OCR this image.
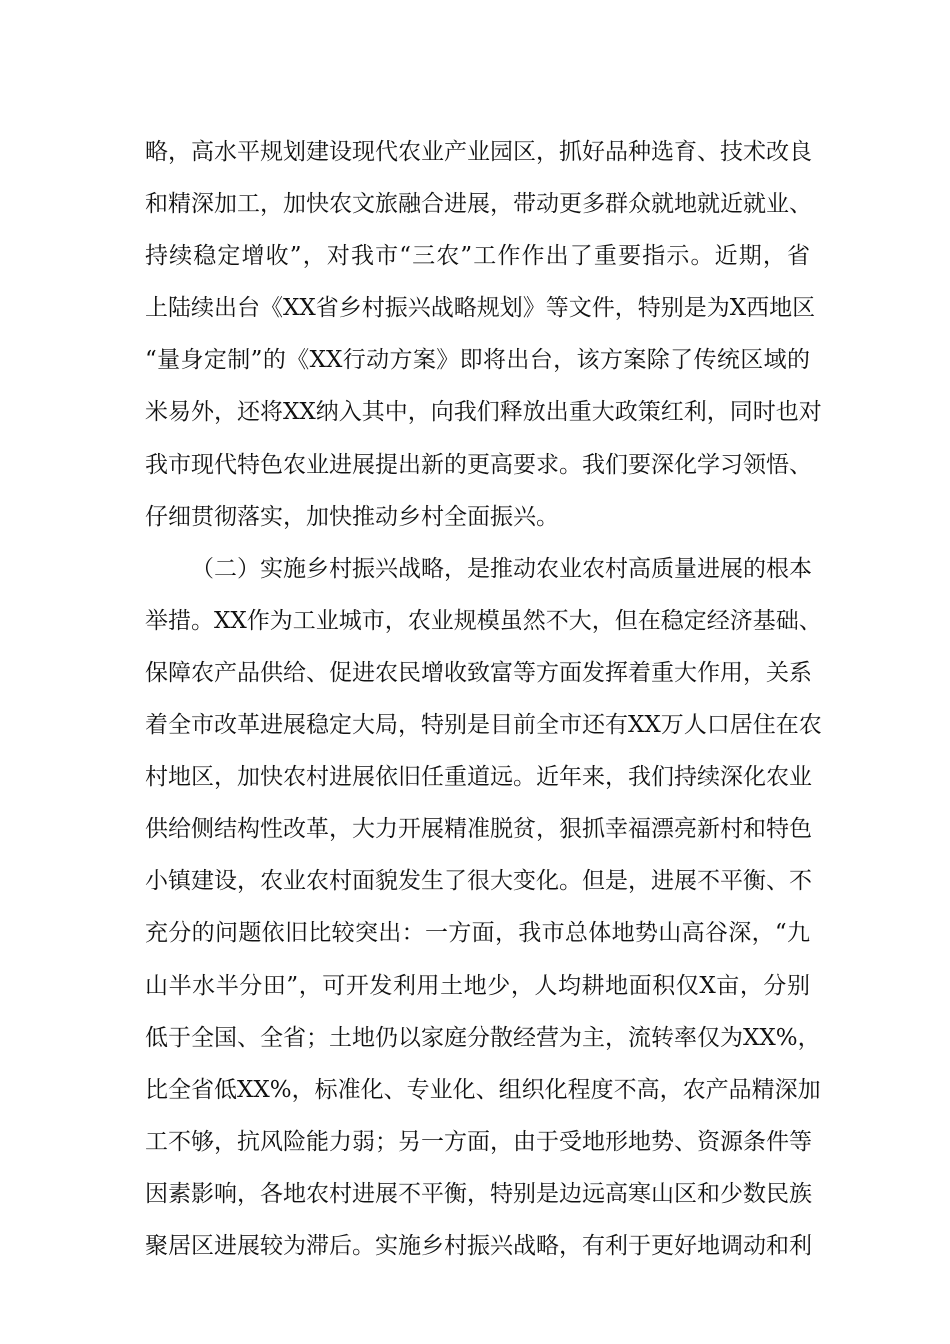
略，高水平规划建设现代农业产业园区，抓好品种选育、技术改良
和精深加工，加快农文旅融合进展，带动更多群众就地就近就业、
持续稳定增收”，对我市“三农”工作作出了重要指示。近期，省
上陆续出台《XX省乡村振兴战略规划》等文件，特别是为X西地区
“量身定制”的《XX行动方案》即将出台，该方案除了传统区域的
米易外，还将XX纳入其中，向我们释放出重大政策红利，同时也对
我市现代特色农业进展提出新的更高要求。我们要深化学习领悟、
仔细贯彻落实，加快推动乡村全面振兴。
（二）实施乡村振兴战略，是推动农业农村高质量进展的根本
举措。XX作为工业城市，农业规模虽然不大，但在稳定经济基础、
保障农产品供给、促进农民增收致富等方面发挥着重大作用，关系
着全市改革进展稳定大局，特别是目前全市还有XX万人口居住在农
村地区，加快农村进展依旧任重道远。近年来，我们持续深化农业
供给侧结构性改革，大力开展精准脱贫，狠抓幸福漂亮新村和特色
小镇建设，农业农村面貌发生了很大变化。但是，进展不平衡、不
充分的问题依旧比较突出：一方面，我市总体地势山高谷深，“九
山半水半分田”，可开发利用土地少，人均耕地面积仅X亩，分别
低于全国、全省；土地仍以家庭分散经营为主，流转率仅为XX%，
比全省低XX%，标准化、专业化、组织化程度不高，农产品精深加
工不够，抗风险能力弱；另一方面，由于受地形地势、资源条件等
因素影响，各地农村进展不平衡，特别是边远高寒山区和少数民族
聚居区进展较为滞后。实施乡村振兴战略，有利于更好地调动和利
